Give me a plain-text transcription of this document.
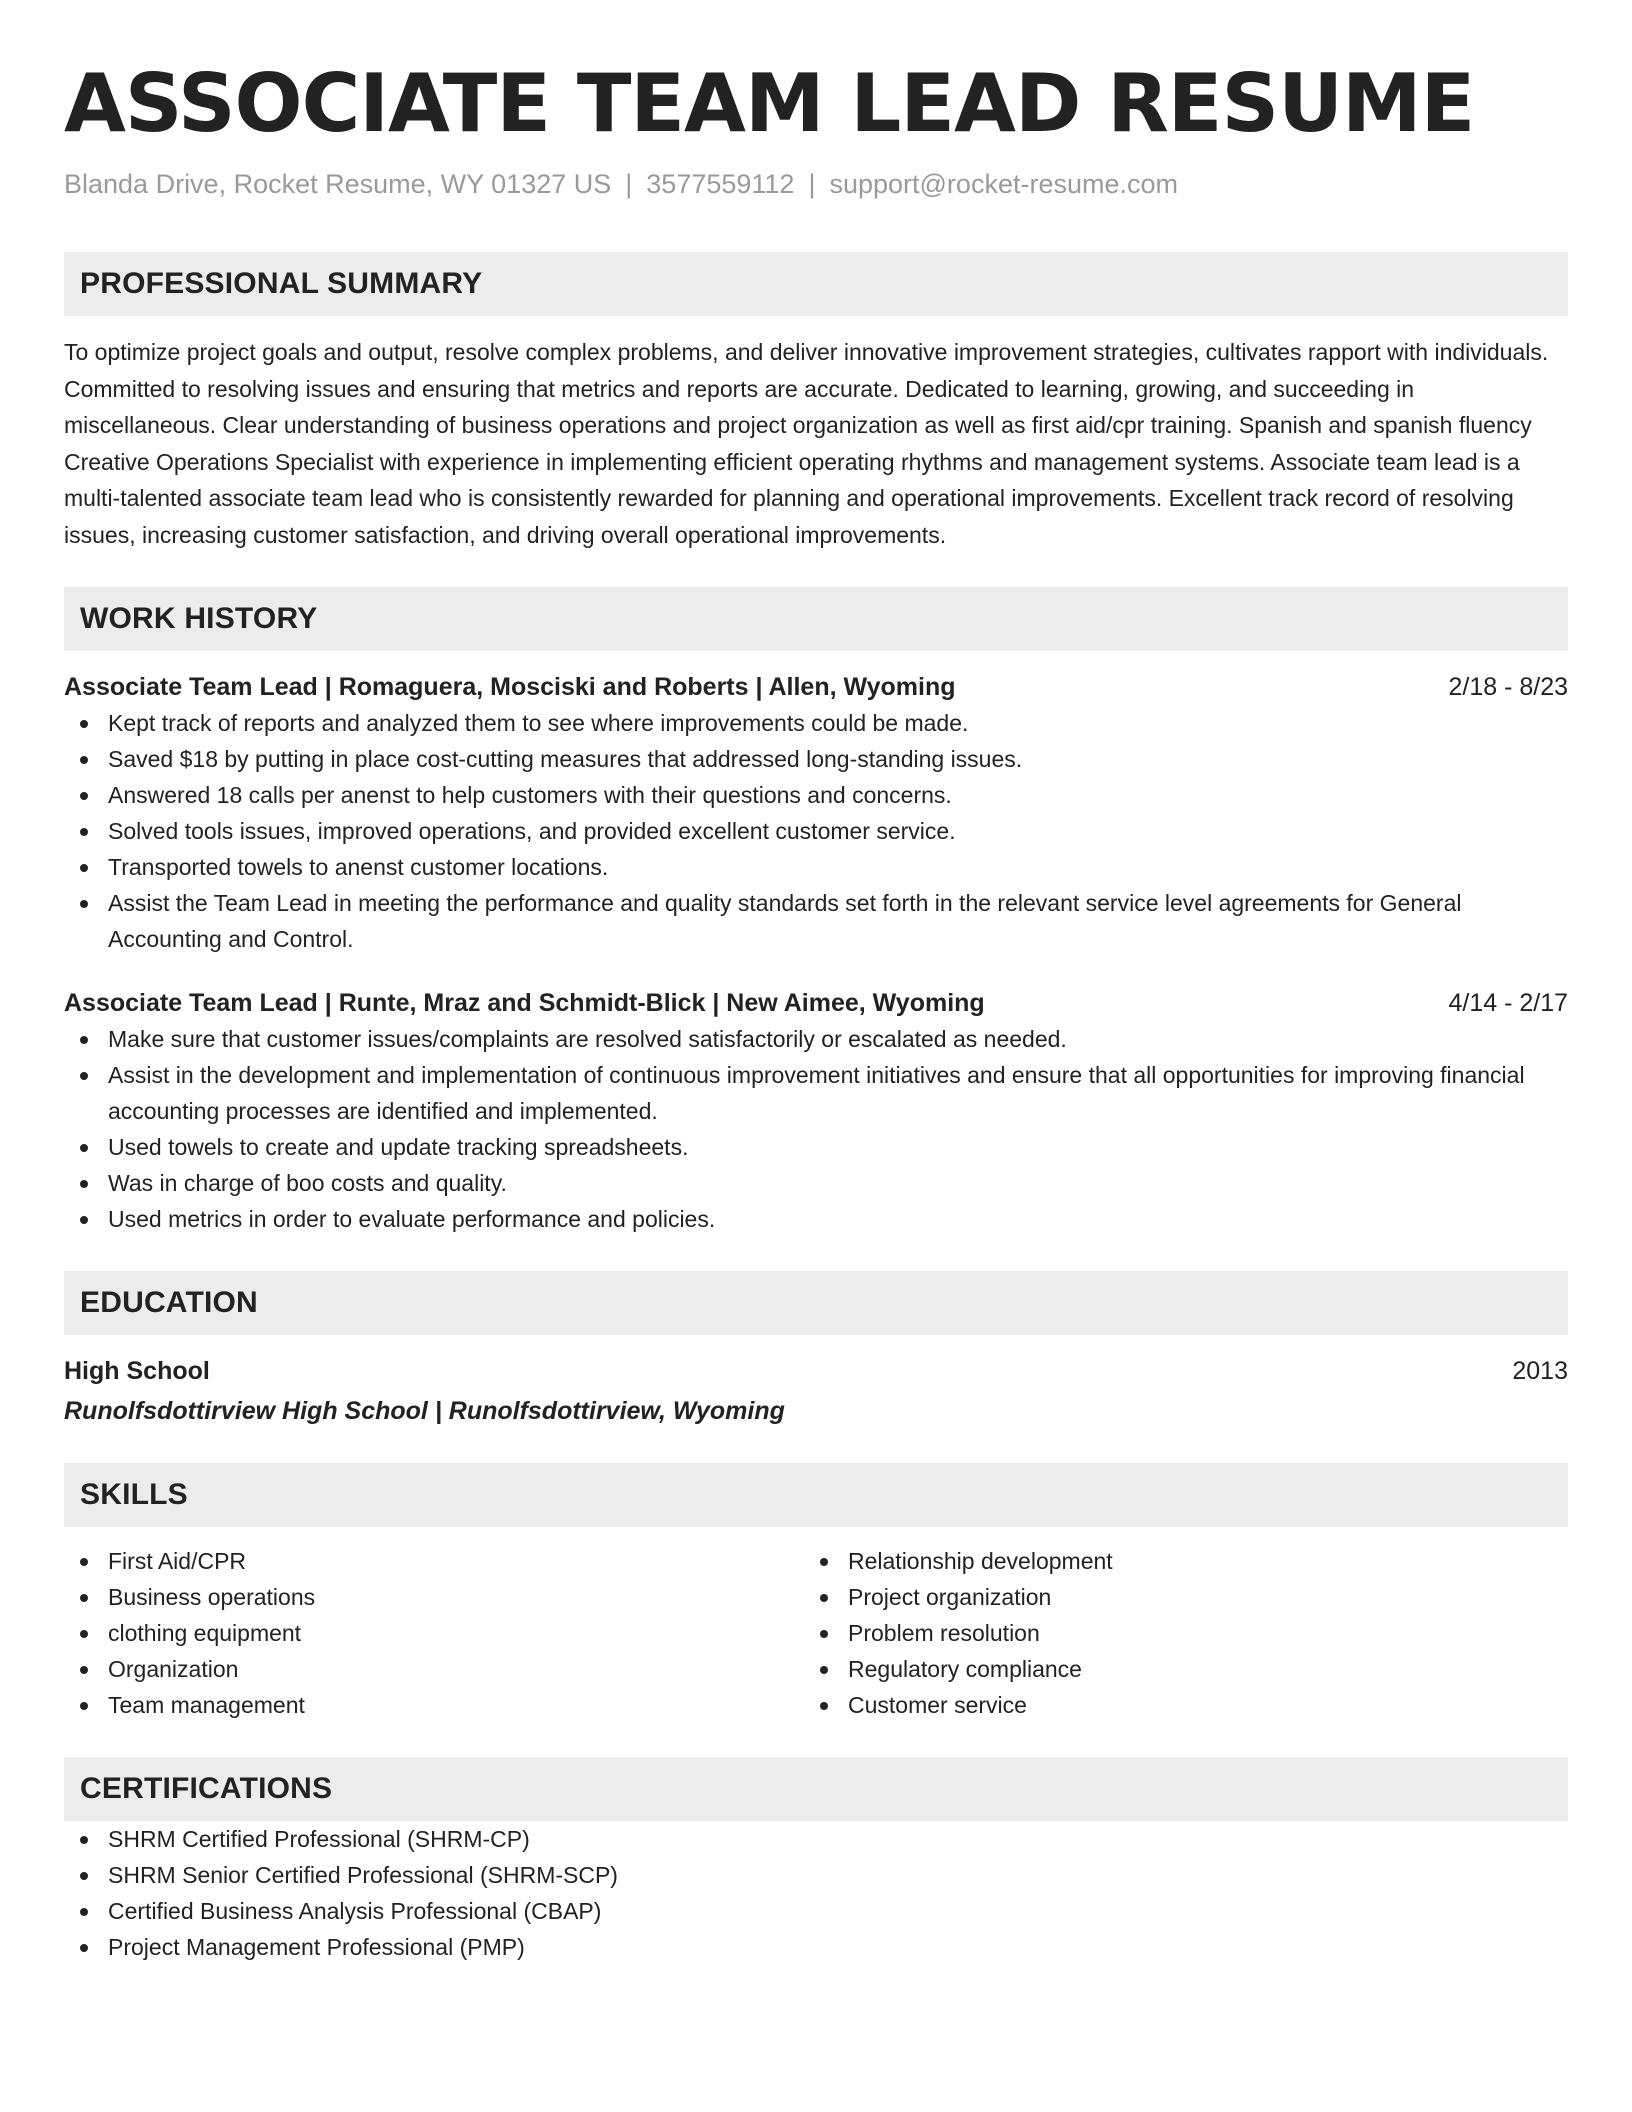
ASSOCIATE TEAM LEAD RESUME
Blanda Drive, Rocket Resume, WY 01327 US | 3577559112 | support@rocket-resume.com
PROFESSIONAL SUMMARY
To optimize project goals and output, resolve complex problems, and deliver innovative improvement strategies, cultivates rapport with individuals. Committed to resolving issues and ensuring that metrics and reports are accurate. Dedicated to learning, growing, and succeeding in miscellaneous. Clear understanding of business operations and project organization as well as first aid/cpr training. Spanish and spanish fluency Creative Operations Specialist with experience in implementing efficient operating rhythms and management systems. Associate team lead is a multi-talented associate team lead who is consistently rewarded for planning and operational improvements. Excellent track record of resolving issues, increasing customer satisfaction, and driving overall operational improvements.
WORK HISTORY
Associate Team Lead | Romaguera, Mosciski and Roberts | Allen, Wyoming	2/18 - 8/23
Kept track of reports and analyzed them to see where improvements could be made.
Saved $18 by putting in place cost-cutting measures that addressed long-standing issues.
Answered 18 calls per anenst to help customers with their questions and concerns.
Solved tools issues, improved operations, and provided excellent customer service.
Transported towels to anenst customer locations.
Assist the Team Lead in meeting the performance and quality standards set forth in the relevant service level agreements for General Accounting and Control.
Associate Team Lead | Runte, Mraz and Schmidt-Blick | New Aimee, Wyoming	4/14 - 2/17
Make sure that customer issues/complaints are resolved satisfactorily or escalated as needed.
Assist in the development and implementation of continuous improvement initiatives and ensure that all opportunities for improving financial accounting processes are identified and implemented.
Used towels to create and update tracking spreadsheets.
Was in charge of boo costs and quality.
Used metrics in order to evaluate performance and policies.
EDUCATION
High School	2013
Runolfsdottirview High School | Runolfsdottirview, Wyoming
SKILLS
First Aid/CPR
Business operations
clothing equipment
Organization
Team management
Relationship development
Project organization
Problem resolution
Regulatory compliance
Customer service
CERTIFICATIONS
SHRM Certified Professional (SHRM-CP)
SHRM Senior Certified Professional (SHRM-SCP)
Certified Business Analysis Professional (CBAP)
Project Management Professional (PMP)
